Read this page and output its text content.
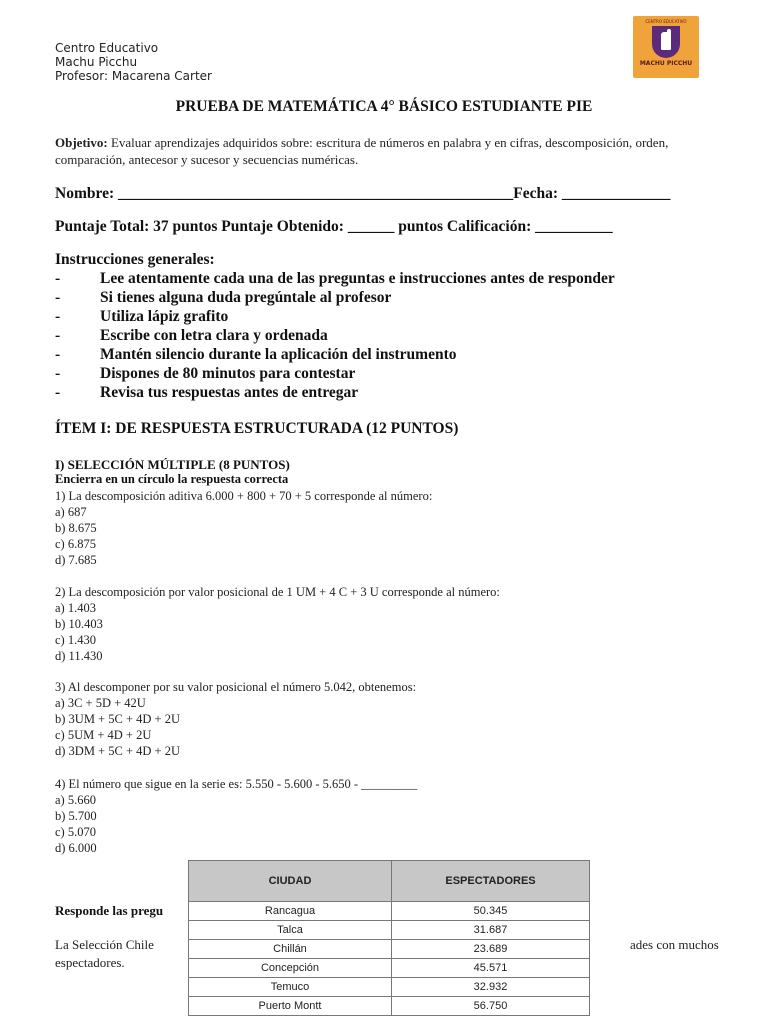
Centro Educativo
Machu Picchu
Profesor: Macarena Carter
CENTRO EDUCATIVO
MACHU PICCHU
PRUEBA DE MATEMÁTICA 4° BÁSICO ESTUDIANTE PIE
Objetivo: Evaluar aprendizajes adquiridos sobre: escritura de números en palabra y en cifras, descomposición, orden, comparación, antecesor y sucesor y secuencias numéricas.
Nombre: ___________________________________________________Fecha: ______________
Puntaje Total: 37 puntos Puntaje Obtenido: ______ puntos Calificación: __________
Instrucciones generales:
-	Lee atentamente cada una de las preguntas e instrucciones antes de responder
-	Si tienes alguna duda pregúntale al profesor
-	Utiliza lápiz grafito
-	Escribe con letra clara y ordenada
-	Mantén silencio durante la aplicación del instrumento
-	Dispones de 80 minutos para contestar
-	Revisa tus respuestas antes de entregar
ÍTEM I: DE RESPUESTA ESTRUCTURADA (12 PUNTOS)
I) SELECCIÓN MÚLTIPLE (8 PUNTOS)
Encierra en un círculo la respuesta correcta
1) La descomposición aditiva 6.000 + 800 + 70 + 5 corresponde al número:
a) 687
b) 8.675
c) 6.875
d) 7.685
2) La descomposición por valor posicional de 1 UM + 4 C + 3 U corresponde al número:
a) 1.403
b) 10.403
c) 1.430
d) 11.430
3) Al descomponer por su valor posicional el número 5.042, obtenemos:
a) 3C + 5D + 42U
b) 3UM + 5C + 4D + 2U
c) 5UM + 4D + 2U
d) 3DM + 5C + 4D + 2U
4) El número que sigue en la serie es: 5.550 - 5.600 - 5.650 - _________
a) 5.660
b) 5.700
c) 5.070
d) 6.000
Responde las pregu
La Selección Chile	ades con muchos
espectadores.
CIUDAD	ESPECTADORES
Rancagua	50.345
Talca	31.687
Chillán	23.689
Concepción	45.571
Temuco	32.932
Puerto Montt	56.750
